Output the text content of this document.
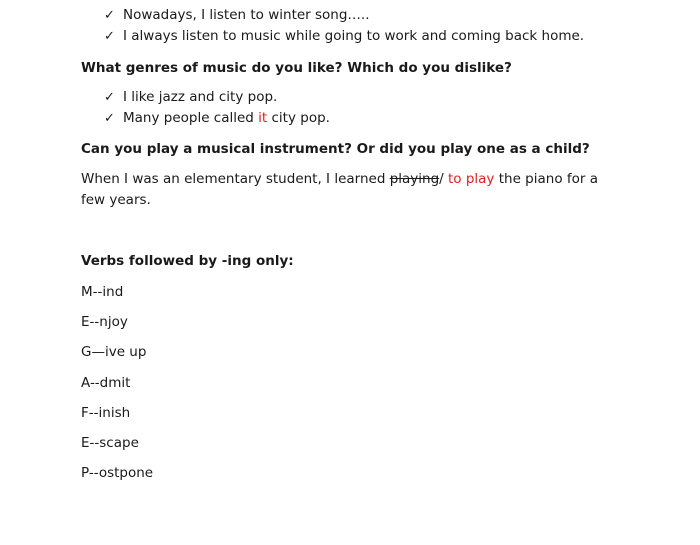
✓ Nowadays, I listen to winter song…..
✓ I always listen to music while going to work and coming back home.
What genres of music do you like? Which do you dislike?
✓ I like jazz and city pop.
✓ Many people called it city pop.
Can you play a musical instrument? Or did you play one as a child?
When I was an elementary student, I learned playing/ to play the piano for a few years.
Verbs followed by -ing only:
M--ind
E--njoy
G—ive up
A--dmit
F--inish
E--scape
P--ostpone
